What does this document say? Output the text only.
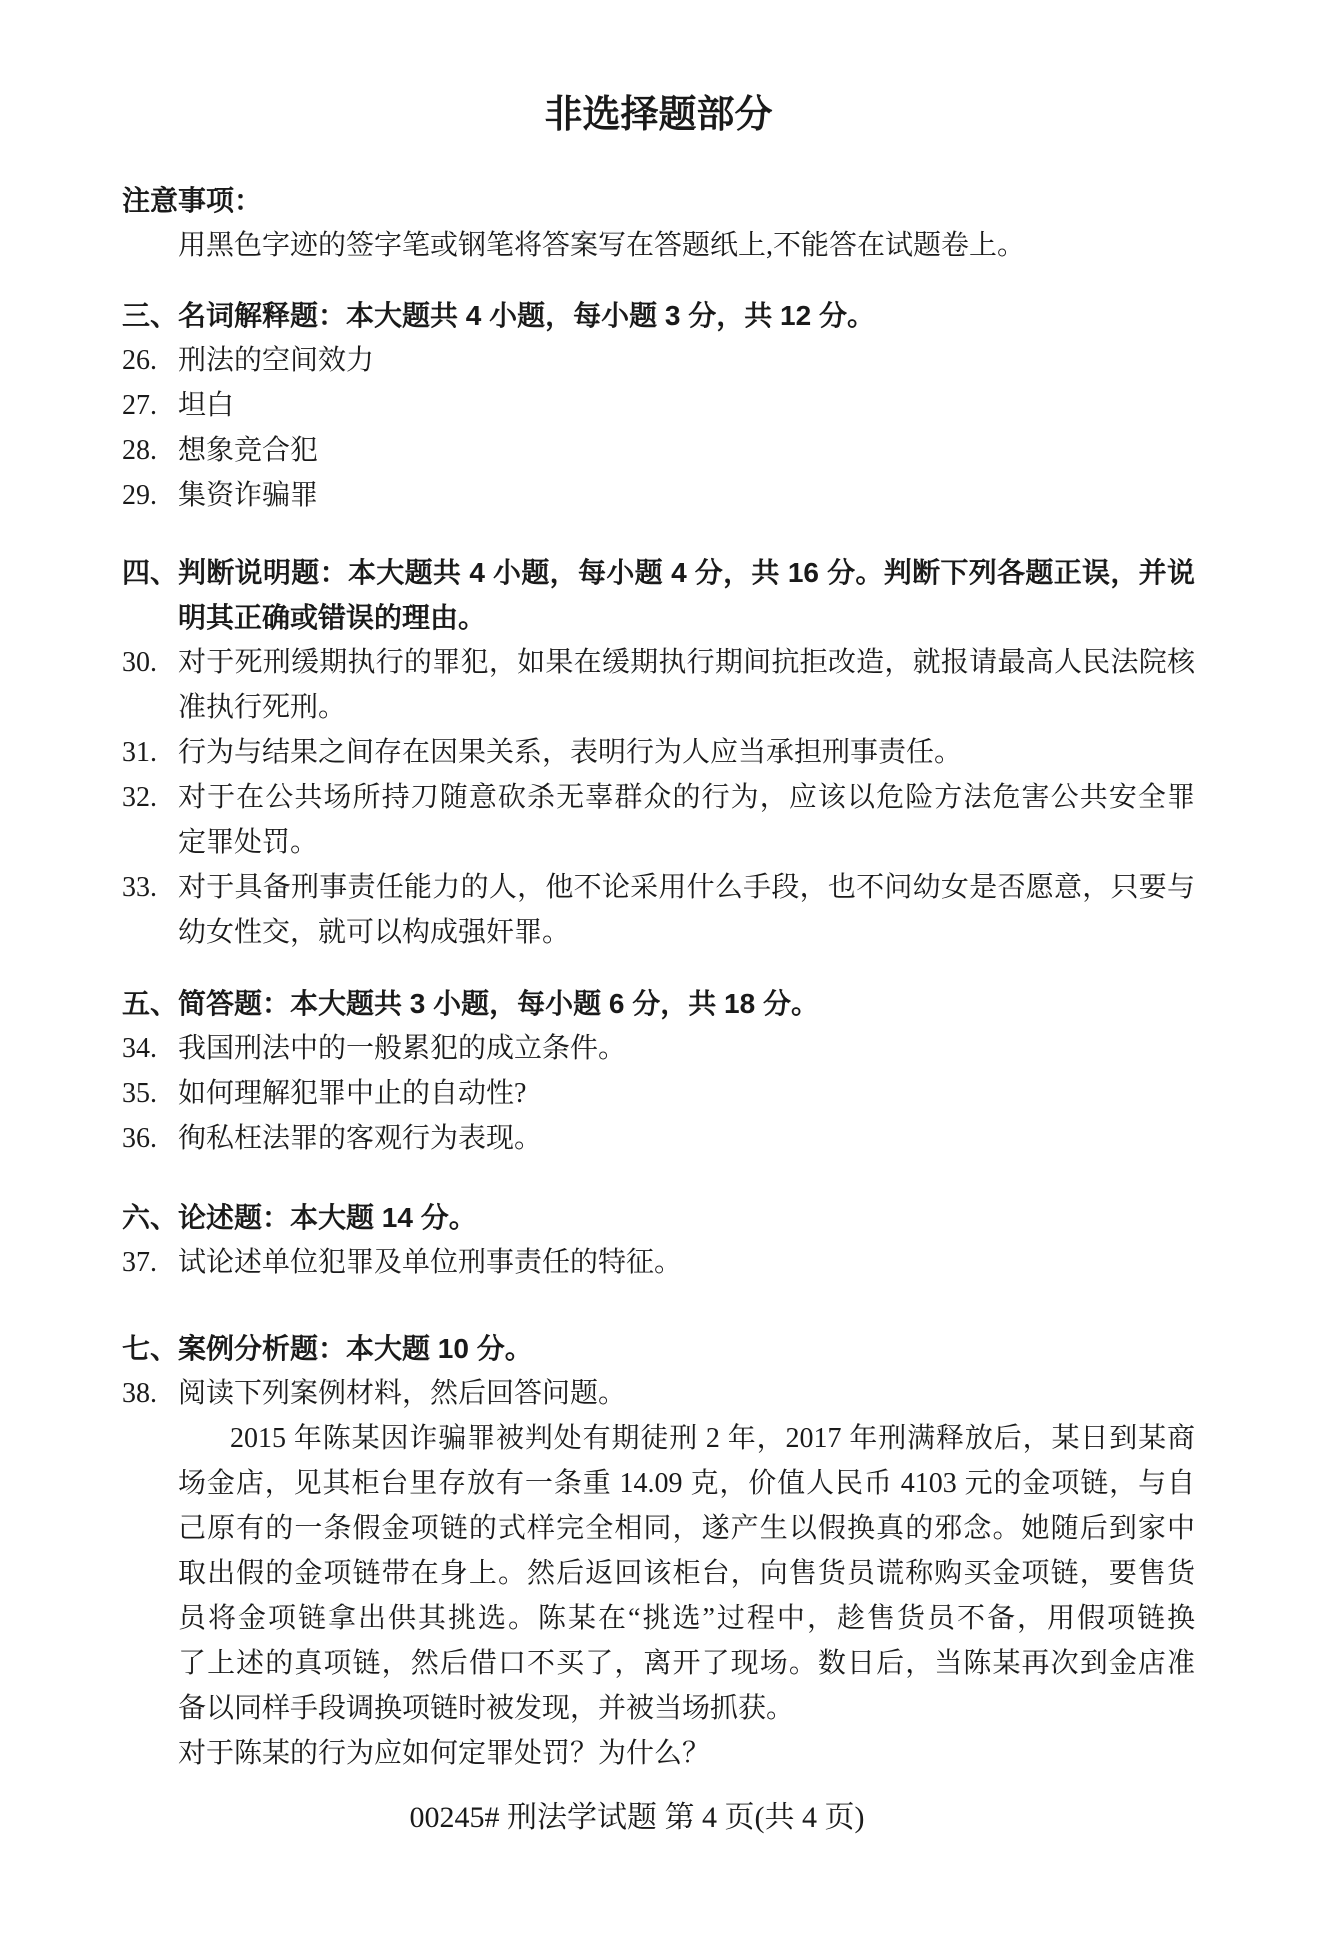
非选择题部分
注意事项：
用黑色字迹的签字笔或钢笔将答案写在答题纸上,不能答在试题卷上。
三、 名词解释题：本大题共 4 小题，每小题 3 分，共 12 分。
26. 刑法的空间效力
27. 坦白
28. 想象竞合犯
29. 集资诈骗罪
四、 判断说明题：本大题共 4 小题，每小题 4 分，共 16 分。判断下列各题正误，并说
明其正确或错误的理由。
30. 对于死刑缓期执行的罪犯，如果在缓期执行期间抗拒改造，就报请最高人民法院核
准执行死刑。
31. 行为与结果之间存在因果关系，表明行为人应当承担刑事责任。
32. 对于在公共场所持刀随意砍杀无辜群众的行为，应该以危险方法危害公共安全罪
定罪处罚。
33. 对于具备刑事责任能力的人，他不论采用什么手段，也不问幼女是否愿意，只要与
幼女性交，就可以构成强奸罪。
五、 简答题：本大题共 3 小题，每小题 6 分，共 18 分。
34. 我国刑法中的一般累犯的成立条件。
35. 如何理解犯罪中止的自动性?
36. 徇私枉法罪的客观行为表现。
六、 论述题：本大题 14 分。
37. 试论述单位犯罪及单位刑事责任的特征。
七、 案例分析题：本大题 10 分。
38. 阅读下列案例材料，然后回答问题。
2015 年陈某因诈骗罪被判处有期徒刑 2 年，2017 年刑满释放后，某日到某商
场金店，见其柜台里存放有一条重 14.09 克，价值人民币 4103 元的金项链，与自
己原有的一条假金项链的式样完全相同，遂产生以假换真的邪念。她随后到家中
取出假的金项链带在身上。然后返回该柜台，向售货员谎称购买金项链，要售货
员将金项链拿出供其挑选。陈某在“挑选”过程中，趁售货员不备，用假项链换
了上述的真项链，然后借口不买了，离开了现场。数日后，当陈某再次到金店准
备以同样手段调换项链时被发现，并被当场抓获。
对于陈某的行为应如何定罪处罚？为什么？
00245# 刑法学试题 第 4 页(共 4 页)
